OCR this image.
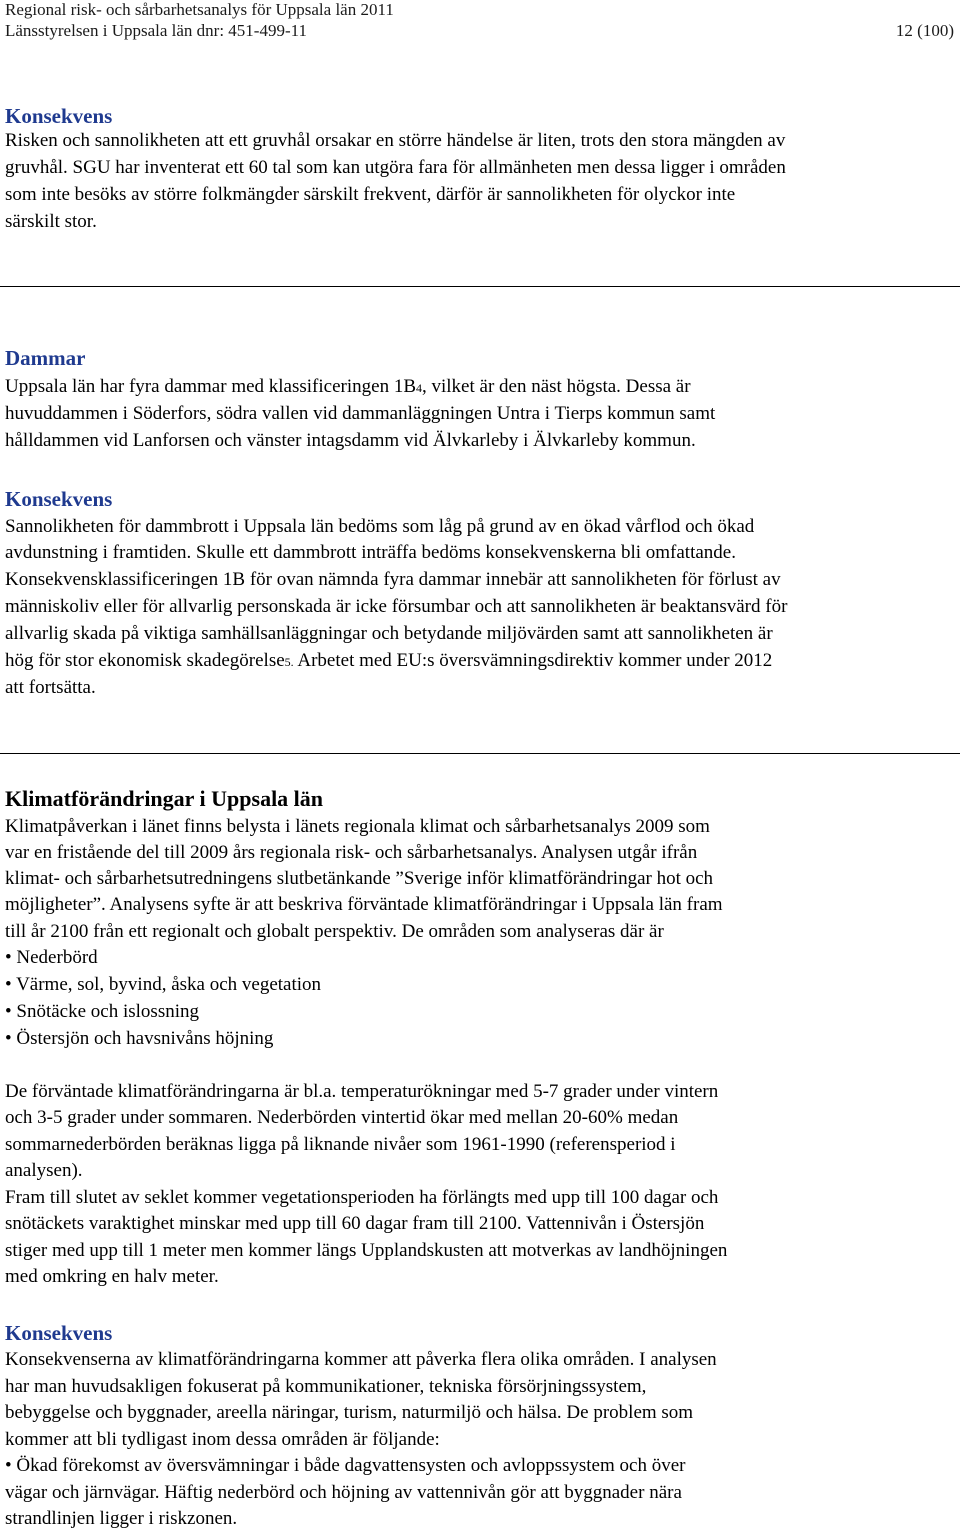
Regional risk- och sårbarhetsanalys för Uppsala län 2011
Länsstyrelsen i Uppsala län dnr: 451-499-11	12 (100)
Konsekvens
Risken och sannolikheten att ett gruvhål orsakar en större händelse är liten, trots den stora mängden av
gruvhål. SGU har inventerat ett 60 tal som kan utgöra fara för allmänheten men dessa ligger i områden
som inte besöks av större folkmängder särskilt frekvent, därför är sannolikheten för olyckor inte
särskilt stor.
Dammar
Uppsala län har fyra dammar med klassificeringen 1B4, vilket är den näst högsta. Dessa är
huvuddammen i Söderfors, södra vallen vid dammanläggningen Untra i Tierps kommun samt
hålldammen vid Lanforsen och vänster intagsdamm vid Älvkarleby i Älvkarleby kommun.
Konsekvens
Sannolikheten för dammbrott i Uppsala län bedöms som låg på grund av en ökad vårflod och ökad
avdunstning i framtiden. Skulle ett dammbrott inträffa bedöms konsekvenskerna bli omfattande.
Konsekvensklassificeringen 1B för ovan nämnda fyra dammar innebär att sannolikheten för förlust av
människoliv eller för allvarlig personskada är icke försumbar och att sannolikheten är beaktansvärd för
allvarlig skada på viktiga samhällsanläggningar och betydande miljövärden samt att sannolikheten är
hög för stor ekonomisk skadegörelse5. Arbetet med EU:s översvämningsdirektiv kommer under 2012
att fortsätta.
Klimatförändringar i Uppsala län
Klimatpåverkan i länet finns belysta i länets regionala klimat och sårbarhetsanalys 2009 som
var en fristående del till 2009 års regionala risk- och sårbarhetsanalys. Analysen utgår ifrån
klimat- och sårbarhetsutredningens slutbetänkande ”Sverige inför klimatförändringar hot och
möjligheter”. Analysens syfte är att beskriva förväntade klimatförändringar i Uppsala län fram
till år 2100 från ett regionalt och globalt perspektiv. De områden som analyseras där är
• Nederbörd
• Värme, sol, byvind, åska och vegetation
• Snötäcke och islossning
• Östersjön och havsnivåns höjning
De förväntade klimatförändringarna är bl.a. temperaturökningar med 5-7 grader under vintern
och 3-5 grader under sommaren. Nederbörden vintertid ökar med mellan 20-60% medan
sommarnederbörden beräknas ligga på liknande nivåer som 1961-1990 (referensperiod i
analysen).
Fram till slutet av seklet kommer vegetationsperioden ha förlängts med upp till 100 dagar och
snötäckets varaktighet minskar med upp till 60 dagar fram till 2100. Vattennivån i Östersjön
stiger med upp till 1 meter men kommer längs Upplandskusten att motverkas av landhöjningen
med omkring en halv meter.
Konsekvens
Konsekvenserna av klimatförändringarna kommer att påverka flera olika områden. I analysen
har man huvudsakligen fokuserat på kommunikationer, tekniska försörjningssystem,
bebyggelse och byggnader, areella näringar, turism, naturmiljö och hälsa. De problem som
kommer att bli tydligast inom dessa områden är följande:
• Ökad förekomst av översvämningar i både dagvattensysten och avloppssystem och över
vägar och järnvägar. Häftig nederbörd och höjning av vattennivån gör att byggnader nära
strandlinjen ligger i riskzonen.
